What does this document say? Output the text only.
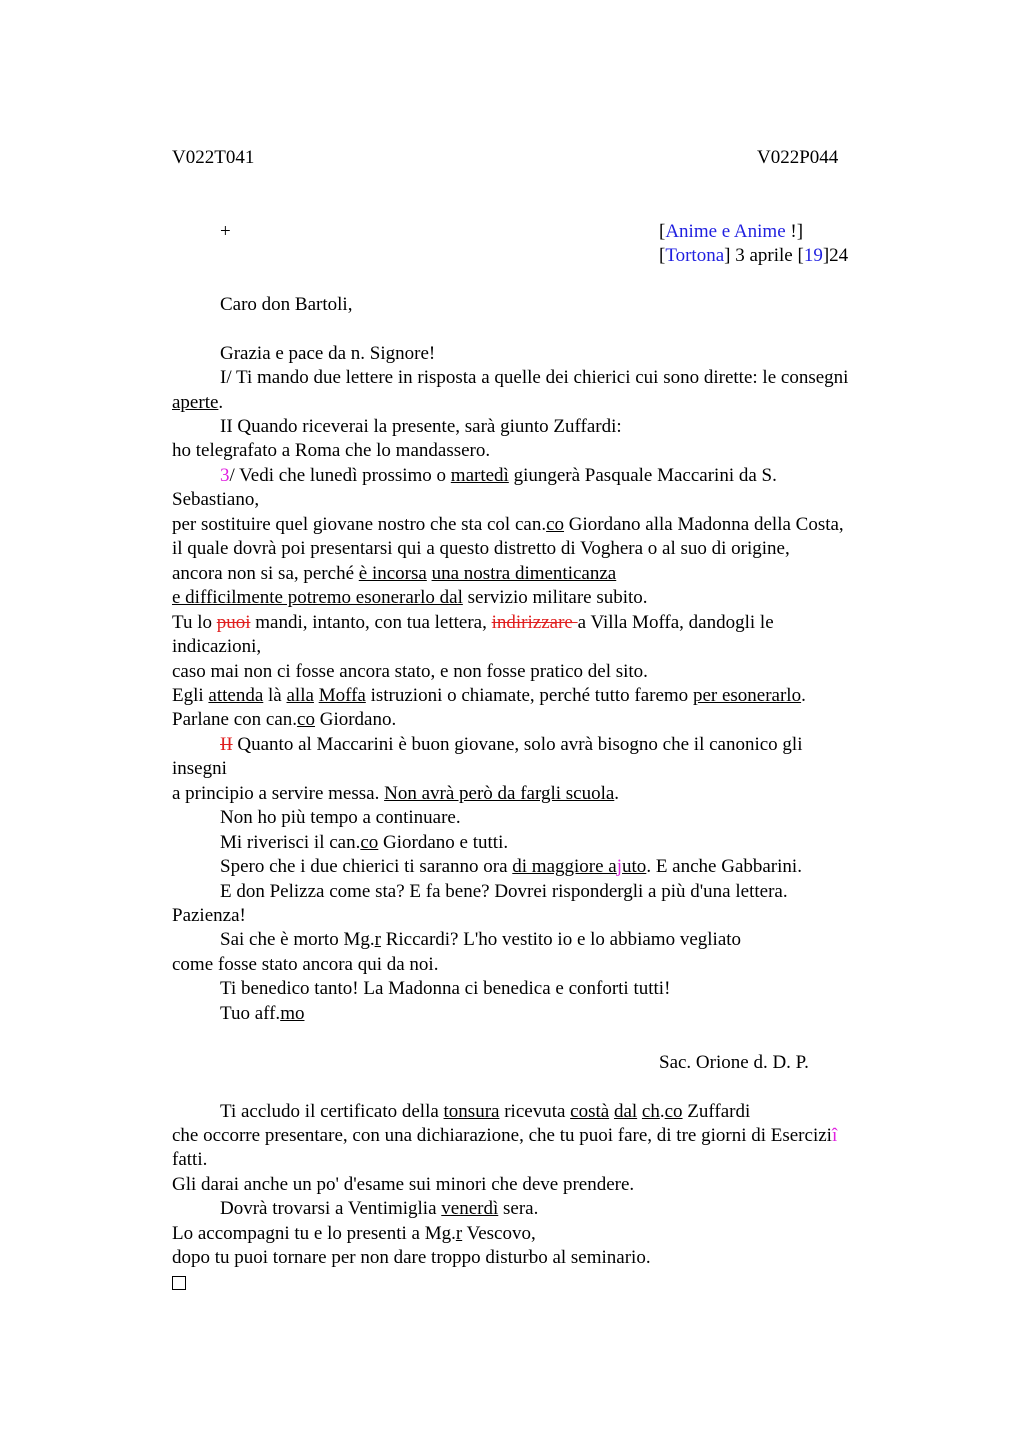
V022T041	V022P044
+	[Anime e Anime !]
[Tortona] 3 aprile [19]24
Caro don Bartoli,
Grazia e pace da n. Signore!
I/ Ti mando due lettere in risposta a quelle dei chierici cui sono dirette: le consegni
aperte.
II Quando riceverai la presente, sarà giunto Zuffardi:
ho telegrafato a Roma che lo mandassero.
3/ Vedi che lunedì prossimo o martedì giungerà Pasquale Maccarini da S.
Sebastiano,
per sostituire quel giovane nostro che sta col can.co Giordano alla Madonna della Costa,
il quale dovrà poi presentarsi qui a questo distretto di Voghera o al suo di origine,
ancora non si sa, perché è incorsa una nostra dimenticanza
e difficilmente potremo esonerarlo dal servizio militare subito.
Tu lo puoi mandi, intanto, con tua lettera, indirizzare a Villa Moffa, dandogli le
indicazioni,
caso mai non ci fosse ancora stato, e non fosse pratico del sito.
Egli attenda là alla Moffa istruzioni o chiamate, perché tutto faremo per esonerarlo.
Parlane con can.co Giordano.
II Quanto al Maccarini è buon giovane, solo avrà bisogno che il canonico gli
insegni
a principio a servire messa. Non avrà però da fargli scuola.
Non ho più tempo a continuare.
Mi riverisci il can.co Giordano e tutti.
Spero che i due chierici ti saranno ora di maggiore ajuto. E anche Gabbarini.
E don Pelizza come sta? E fa bene? Dovrei rispondergli a più d'una lettera.
Pazienza!
Sai che è morto Mg.r Riccardi? L'ho vestito io e lo abbiamo vegliato
come fosse stato ancora qui da noi.
Ti benedico tanto! La Madonna ci benedica e conforti tutti!
Tuo aff.mo
Sac. Orione d. D. P.
Ti accludo il certificato della tonsura ricevuta costà dal ch.co Zuffardi
che occorre presentare, con una dichiarazione, che tu puoi fare, di tre giorni di Eserciziî
fatti.
Gli darai anche un po' d'esame sui minori che deve prendere.
Dovrà trovarsi a Ventimiglia venerdì sera.
Lo accompagni tu e lo presenti a Mg.r Vescovo,
dopo tu puoi tornare per non dare troppo disturbo al seminario.
